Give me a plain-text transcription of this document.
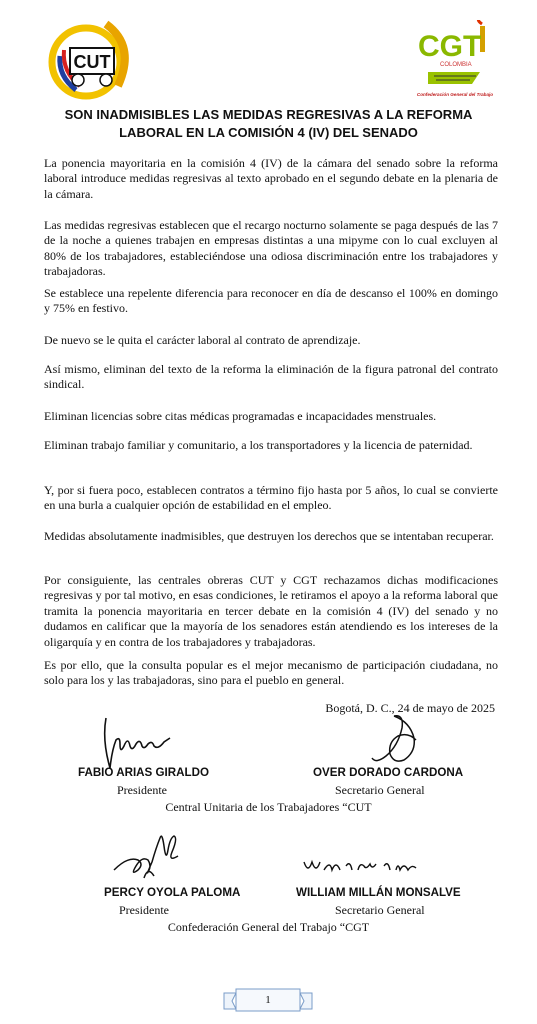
CUT	CGT
COLOMBIA
Confederación General del Trabajo
SON INADMISIBLES LAS MEDIDAS REGRESIVAS A LA REFORMA
LABORAL EN LA COMISIÓN 4 (IV) DEL SENADO

La ponencia mayoritaria en la comisión 4 (IV) de la cámara del senado sobre la reforma laboral introduce medidas regresivas al texto aprobado en el segundo debate en la plenaria de la cámara.

Las medidas regresivas establecen que el recargo nocturno solamente se paga después de las 7 de la noche a quienes trabajen en empresas distintas a una mipyme con lo cual excluyen al 80% de los trabajadores, estableciéndose una odiosa discriminación entre los trabajadores y trabajadoras.

Se establece una repelente diferencia para reconocer en día de descanso el 100% en domingo y 75% en festivo.

De nuevo se le quita el carácter laboral al contrato de aprendizaje.

Así mismo, eliminan del texto de la reforma la eliminación de la figura patronal del contrato sindical.

Eliminan licencias sobre citas médicas programadas e incapacidades menstruales.

Eliminan trabajo familiar y comunitario, a los transportadores y la licencia de paternidad.

Y, por si fuera poco, establecen contratos a término fijo hasta por 5 años, lo cual se convierte en una burla a cualquier opción de estabilidad en el empleo.

Medidas absolutamente inadmisibles, que destruyen los derechos que se intentaban recuperar.

Por consiguiente, las centrales obreras CUT y CGT rechazamos dichas modificaciones regresivas y por tal motivo, en esas condiciones, le retiramos el apoyo a la reforma laboral que tramita la ponencia mayoritaria en tercer debate en la comisión 4 (IV) del senado y no dudamos en calificar que la mayoría de los senadores están atendiendo es los intereses de la oligarquía y en contra de los trabajadores y trabajadoras.

Es por ello, que la consulta popular es el mejor mecanismo de participación ciudadana, no solo para los y las trabajadoras, sino para el pueblo en general.

Bogotá, D. C., 24 de mayo de 2025
FABIO ARIAS GIRALDO	OVER DORADO CARDONA
Presidente	Secretario General
Central Unitaria de los Trabajadores “CUT
PERCY OYOLA PALOMA	WILLIAM MILLÁN MONSALVE
Presidente	Secretario General
Confederación General del Trabajo “CGT
1
